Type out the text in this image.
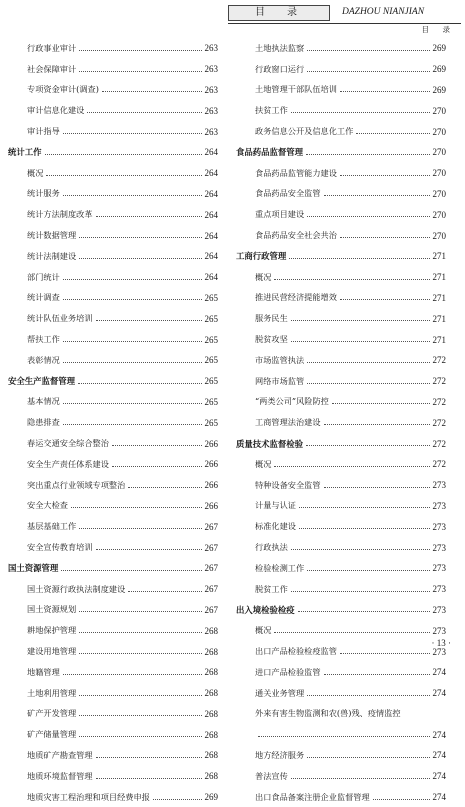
目　录	DAZHOU NIANJIAN
目　录
行政事业审计	263
社会保障审计	263
专项资金审计(调查)	263
审计信息化建设	263
审计指导	263
统计工作	264
概况	264
统计服务	264
统计方法制度改革	264
统计数据管理	264
统计法制建设	264
部门统计	264
统计调查	265
统计队伍业务培训	265
帮扶工作	265
表彰情况	265
安全生产监督管理	265
基本情况	265
隐患排查	265
春运交通安全综合整治	266
安全生产责任体系建设	266
突出重点行业领域专项整治	266
安全大检查	266
基层基础工作	267
安全宣传教育培训	267
国土资源管理	267
国土资源行政执法制度建设	267
国土资源规划	267
耕地保护管理	268
建设用地管理	268
地籍管理	268
土地利用管理	268
矿产开发管理	268
矿产储量管理	268
地质矿产勘查管理	268
地质环境监督管理	268
地质灾害工程治理和项目经费申报	269
土地执法监察	269
行政窗口运行	269
土地管理干部队伍培训	269
扶贫工作	270
政务信息公开及信息化工作	270
食品药品监督管理	270
食品药品监管能力建设	270
食品药品安全监管	270
重点项目建设	270
食品药品安全社会共治	270
工商行政管理	271
概况	271
推进民营经济提能增效	271
服务民生	271
脱贫攻坚	271
市场监管执法	272
网络市场监管	272
“两类公司”风险防控	272
工商管理法治建设	272
质量技术监督检验	272
概况	272
特种设备安全监管	273
计量与认证	273
标准化建设	273
行政执法	273
检验检测工作	273
脱贫工作	273
出入境检验检疫	273
概况	273
出口产品检验检疫监管	273
进口产品检验监管	274
通关业务管理	274
外来有害生物监测和农(兽)残、疫情监控
274
地方经济服务	274
普法宣传	274
出口食品备案注册企业监督管理	274
· 13 ·
